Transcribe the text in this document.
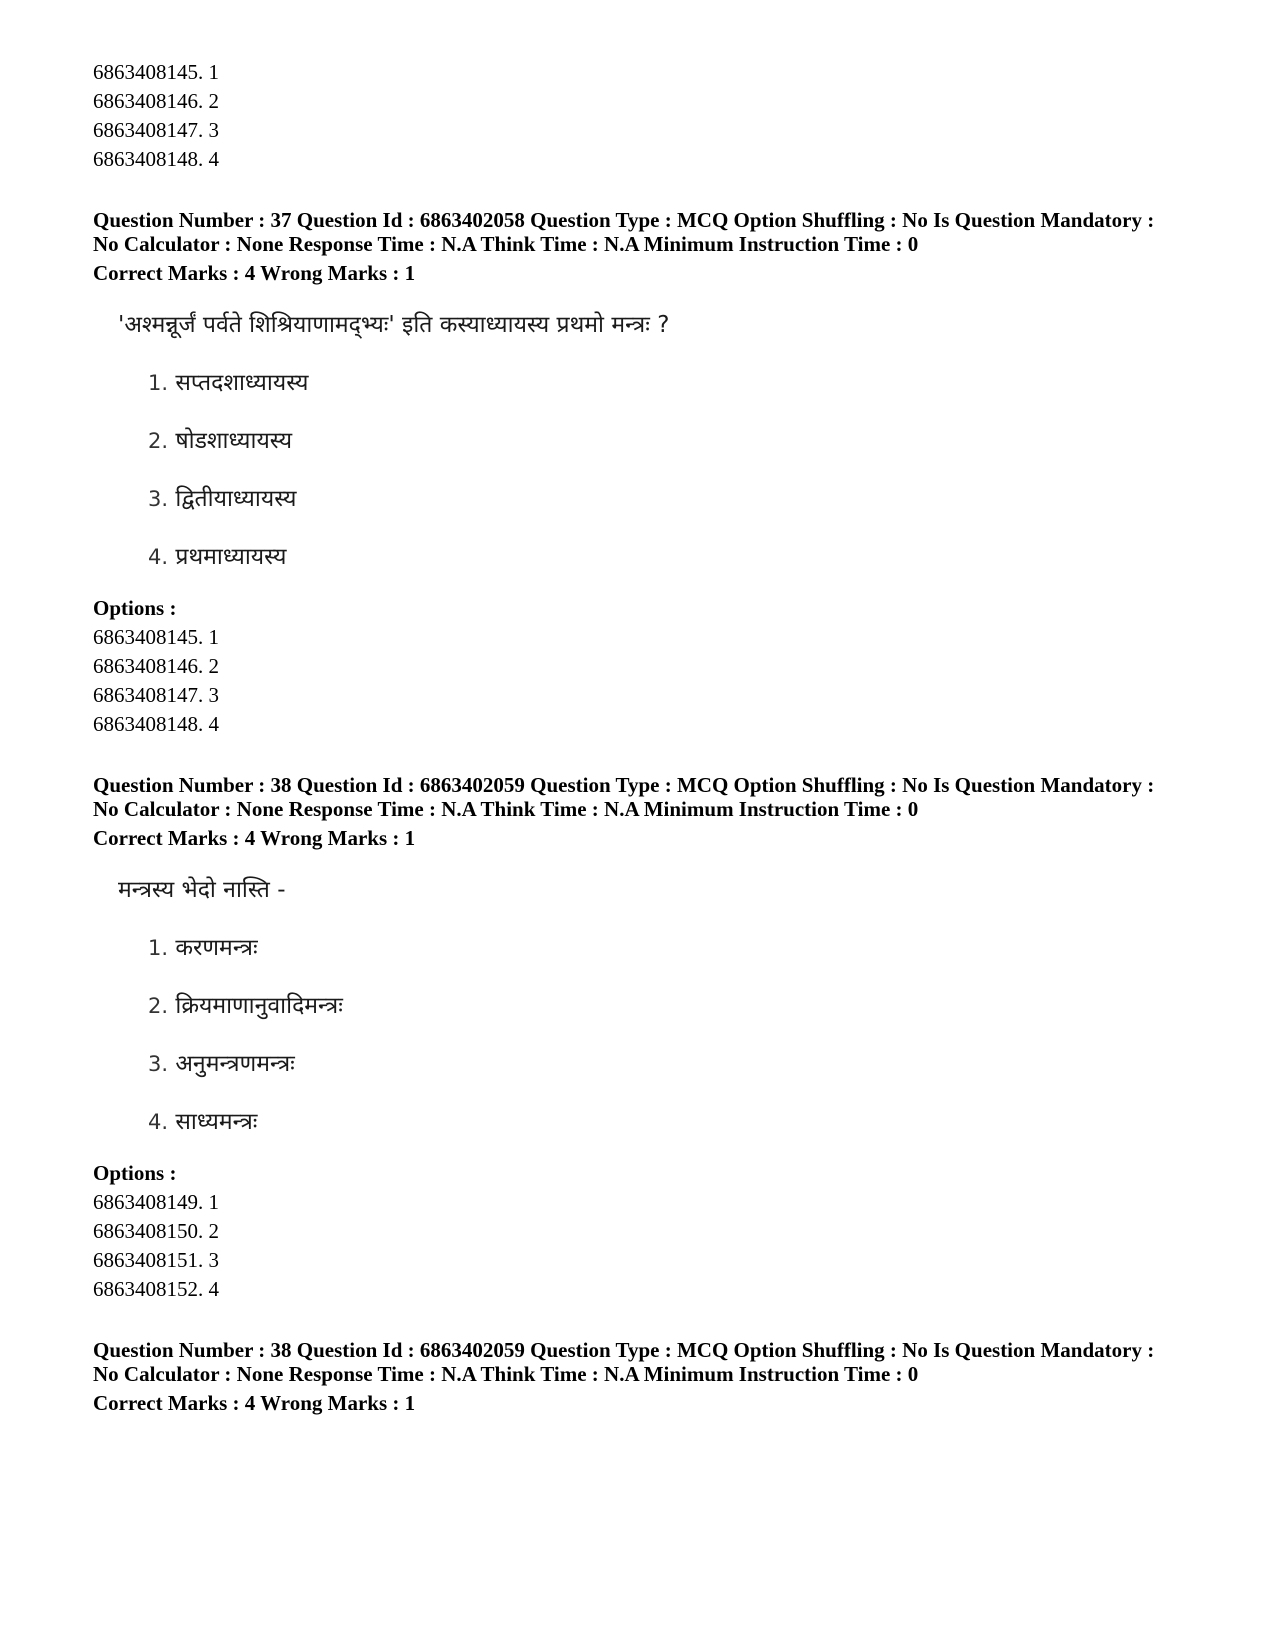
6863408145. 1
6863408146. 2
6863408147. 3
6863408148. 4
Question Number : 37 Question Id : 6863402058 Question Type : MCQ Option Shuffling : No Is Question Mandatory :
No Calculator : None Response Time : N.A Think Time : N.A Minimum Instruction Time : 0
Correct Marks : 4 Wrong Marks : 1
'अश्मन्नूर्जं पर्वते शिश्रियाणामद्भ्यः' इति कस्याध्यायस्य प्रथमो मन्त्रः ?
1. सप्तदशाध्यायस्य
2. षोडशाध्यायस्य
3. द्वितीयाध्यायस्य
4. प्रथमाध्यायस्य
Options :
6863408145. 1
6863408146. 2
6863408147. 3
6863408148. 4
Question Number : 38 Question Id : 6863402059 Question Type : MCQ Option Shuffling : No Is Question Mandatory :
No Calculator : None Response Time : N.A Think Time : N.A Minimum Instruction Time : 0
Correct Marks : 4 Wrong Marks : 1
मन्त्रस्य भेदो नास्ति -
1. करणमन्त्रः
2. क्रियमाणानुवादिमन्त्रः
3. अनुमन्त्रणमन्त्रः
4. साध्यमन्त्रः
Options :
6863408149. 1
6863408150. 2
6863408151. 3
6863408152. 4
Question Number : 38 Question Id : 6863402059 Question Type : MCQ Option Shuffling : No Is Question Mandatory :
No Calculator : None Response Time : N.A Think Time : N.A Minimum Instruction Time : 0
Correct Marks : 4 Wrong Marks : 1
